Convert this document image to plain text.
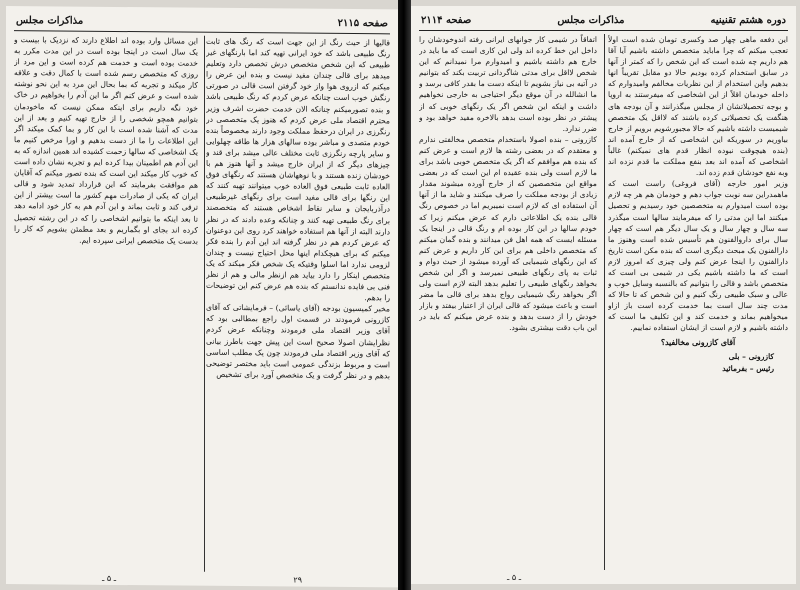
صفحه ۲۱۱۵
مذاکرات مجلس

قالیها از حیث رنگ از این جهت است که رنگ های ثابت رنگ طبیعی باشد که خود ایرانی تهیه کند اما بارنگهای غیر طبیعی که این شخص متخصص درش تخصص دارد وتعلیم میدهد برای قالی چندان مفید نیست و بنده این عرض را میکنم که ازروی هوا واز خود گرفتن است قالی در صورتی رنگش خوب است چنانکه عرض کردم که رنگ طبیعی باشد و بنده تصورمیکنم چنانکه الان خدمت حضرت اشرف وزیر محترم اقتصاد ملی عرض کردم که هنوز یک متخصصی در رنگرزی در ایران درحفظ مملکت وجود دارند مخصوصاً بنده خودم متصدی و مباشر بوده سالهای هزار ها طاقه چهلوایی و سایر پارچه رنگرزی ثابت مختلف عالی میشد برای قند و چیزهای دیگر که از ایران خارج میشد و آنها هنوز هم با خودشان زنده هستند و با نوههاشان هستند که رنگهای فوق العاده ثابت طبیعی فوق العاده خوب میتوانند تهیه کنند که این رنگها برای قالی مفید است برای رنگهای غیرطبیعی درآذربایجان و سایر نقاط اشخاص هستند که متخصصند برای رنگ طبیعی تهیه کنند و چنانکه وعده دادند که در نظر دارند البته از آنها هم استفاده خواهند کرد روی این دوعنوان که عرض کردم هم در نظر گرفته اند این آدم را بنده فکر میکنم که برای هیچکدام اینها محل احتیاج نیست و چندان لزومی ندارد اما اسلوا وقتیکه یک شخص فکر میکند که یک متخصص اینکار را دارد بیاید هم ازنظر مالی و هم از نظر فنی بی فایده ندانستم که بنده هم عرض کنم این توضیحات را بدهم.

مخبر کمیسیون بودجه (آقای یاسائی) – فرمایشاتی که آقای کازرونی فرمودند در قسمت اول راجع بمطالبی بود که آقای وزیر اقتصاد ملی فرمودند وچنانکه عرض کردم نظرایشان اصولا صحیح است این پیش جهت باطرز بیانی که آقای وزیر اقتصاد ملی فرمودند چون یک مطلب اساسی است و مربوط بزندگی عمومی است باید مختصر توضیحی بدهم و در نظر گرفت و یک متخصص آورد برای تشخیص

این مسائل وارد بوده اند اطلاع دارند که نزدیک با بیست و یک سال است در اینجا بوده است در این مدت مکرر به خدمت بوده است و خدمت هم کرده است و این مرد از روزی که متخصص رسم شده است با کمال دقت و علاقه کار میکند و تجربه که بما بحال این مرد به این نحو نوشته شده است و عرض کنم اگر ما این آدم را بخواهیم در خاک خود نگه داریم برای اینکه ممکن نیست که ماخودمان بتوانیم همچو شخصی را از خارج تهیه کنیم و بعد از این مدت که آشنا شده است با این کار و بما کمک میکند اگر این اطلاعات را ما از دست بدهیم و اورا مرخص کنیم ما یک اشخاصی که سالها زحمت کشیده اند همین اندازه که به این آدم هم اطمینان بیدا کرده ایم و تجربه نشان داده است که خوب کار میکند این است که بنده تصور میکنم که آقایان هم موافقت بفرمایند که این قرارداد تمدید شود و قالی ایران که یکی از صادرات مهم کشور ما است بیشتر از این ترقی کند و ثابت بماند و این آدم هم به کار خود ادامه دهد تا بعد اینکه ما بتوانیم اشخاصی را که در این رشته تحصیل کرده اند بجای او بگماریم و بعد مطمئن بشویم که کار را بدست یک متخصص ایرانی سپرده ایم.

ـ ۵ ـ	۲۹
دوره هشتم تقنینیه
مذاکرات مجلس
صفحه ۲۱۱۴

این دفعه ماهی چهار صد وکسری تومان شده است اولاً تعجب میکنم که چرا ماباید متخصص داشته باشیم آیا آقا هم داریم چه شده است که این شخص را که کمتر از آنها در سابق استخدام کرده بودیم حالا دو مقابل تقریباً انها بدهیم واین استخدام از این نظریات مخالفم وامیدوارم که داخله خودمان اقلاً از این اشخاصی که میفرستند به اروپا و بوجه تحصیلاتشان از مجلس میگذرانند و آن بودجه های هنگفت یک تحصیلاتی کرده باشند که لااقل یک متخصص شیمیست داشته باشیم که حالا مجبورشویم برویم از خارج بیاوریم در سوریکه این اشخاصی که از خارج آمده اند (بنده هیچوقت نبوده انظار قدم های نمیکنم) غالباً اشخاصی که آمده اند بعد بنفع مملکت ما قدم نزده اند وبه نفع خودشان قدم زده اند.

وزیر امور خارجه (آقای فروغی) راست است که ماهمدراین سه نوبت جواب دهم و خودمان هم هر چه لازم بوده است امیدوارم به متخصصین خود رسیدیم و تحصیل میکنند اما این مدتی را که میفرمایند سالها است میگذرد سه سال و چهار سال و یک سال دیگر هم است که چهار سال برای داروالفنون هم تأسیس شده است وهنوز ما دارالفنون یک مبحث دیگری است که بنده مکن است تاریخ دارالفنون را اینجا عرض کنم ولی چیزی که امروز لازم است که ما داشته باشیم یکی در شیمی بی است که متخصص باشد و قالی را بتوانیم که بالنسبه وسایل خوب و عالی و سبک طبیعی رنگ کنیم و این شخص که تا حالا که مدت چند سال است بما خدمت کرده است باز ازاو میخواهیم بماند و خدمت کند و این تکلیف ما است که داشته باشیم و لازم است از ایشان استفاده نماییم.

آقای کازرونی مخالفید؟

کازرونی – بلی

رئیس – بفرمائید

اتفاقاً در شیمی کار جوانهای ایرانی رفته اندوخودشان را داخل این خط کرده اند ولی این کاری است که ما باید در خارج هم داشته باشیم و امیدوارم مرا نمیدانم که این شخص لااقل برای مدتی شاگردانی تربیت بکند که بتوانیم در آتیه بی نیاز بشویم تا اینکه دست ما بقدر کافی برسد و ما انشالله در آن موقع دیگر احتیاجی به خارجی نخواهیم داشت و اینکه این شخص اگر یک رنگهای خوبی که از پیشتر در نظر بوده است بدهد بالاخره مفید خواهد بود و ضرر ندارد.

کازرونی – بنده اصولا باستخدام متخصص مخالفتی ندارم و معتقدم که در بعضی رشته ها لازم است و عرض کنم که بنده هم موافقم که اگر یک متخصص خوبی باشد برای ما لازم است ولی بنده عقیده ام این است که در بعضی مواقع این متخصصین که از خارج آورده میشوند مقدار زیادی از بودجه مملکت را صرف میکنند و شاید ما از آنها آن استفاده ای که لازم است نمیبریم اما در خصوص رنگ قالی بنده یک اطلاعاتی دارم که عرض میکنم زیرا که خودم سالها در این کار بوده ام و رنگ قالی در اینجا یک مسئله ایست که همه اهل فن میدانند و بنده گمان میکنم که متخصص داخلی هم برای این کار داریم و عرض کنم که این رنگهای شیمیایی که آورده میشود از حیث دوام و ثبات به پای رنگهای طبیعی نمیرسد و اگر این شخص بخواهد رنگهای طبیعی را تعلیم بدهد البته لازم است ولی اگر بخواهد رنگ شیمیایی رواج بدهد برای قالی ما مضر است و باعث میشود که قالی ایران از اعتبار بیفتد و بازار خودش را از دست بدهد و بنده عرض میکنم که باید در این باب دقت بیشتری بشود.

ـ ۵ ـ
